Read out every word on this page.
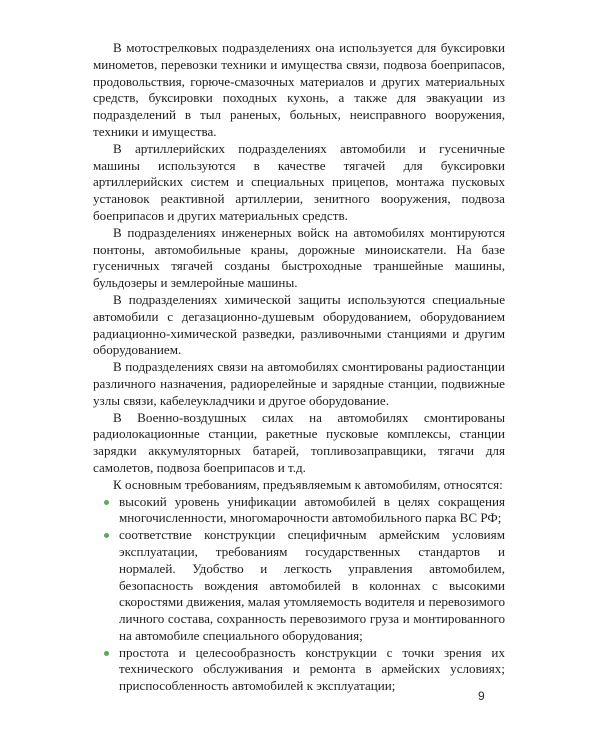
В мотострелковых подразделениях она используется для буксировки минометов, перевозки техники и имущества связи, подвоза боеприпасов, продовольствия, горюче-смазочных материалов и других материальных средств, буксировки походных кухонь, а также для эвакуации из подразделений в тыл раненых, больных, неисправного вооружения, техники и имущества.

В артиллерийских подразделениях автомобили и гусеничные машины используются в качестве тягачей для буксировки артиллерийских систем и специальных прицепов, монтажа пусковых установок реактивной артиллерии, зенитного вооружения, подвоза боеприпасов и других материальных средств.

В подразделениях инженерных войск на автомобилях монтируются понтоны, автомобильные краны, дорожные миноискатели. На базе гусеничных тягачей созданы быстроходные траншейные машины, бульдозеры и землеройные машины.

В подразделениях химической защиты используются специальные автомобили с дегазационно-душевым оборудованием, оборудованием радиационно-химической разведки, разливочными станциями и другим оборудованием.

В подразделениях связи на автомобилях смонтированы радиостанции различного назначения, радиорелейные и зарядные станции, подвижные узлы связи, кабелеукладчики и другое оборудование.

В Военно-воздушных силах на автомобилях смонтированы радиолокационные станции, ракетные пусковые комплексы, станции зарядки аккумуляторных батарей, топливозаправщики, тягачи для самолетов, подвоза боеприпасов и т.д.

К основным требованиям, предъявляемым к автомобилям, относятся:

высокий уровень унификации автомобилей в целях сокращения многочисленности, многомарочности автомобильного парка ВС РФ;
соответствие конструкции специфичным армейским условиям эксплуатации, требованиям государственных стандартов и нормалей. Удобство и легкость управления автомобилем, безопасность вождения автомобилей в колоннах с высокими скоростями движения, малая утомляемость водителя и перевозимого личного состава, сохранность перевозимого груза и монтированного на автомобиле специального оборудования;
простота и целесообразность конструкции с точки зрения их технического обслуживания и ремонта в армейских условиях; приспособленность автомобилей к эксплуатации;
9
